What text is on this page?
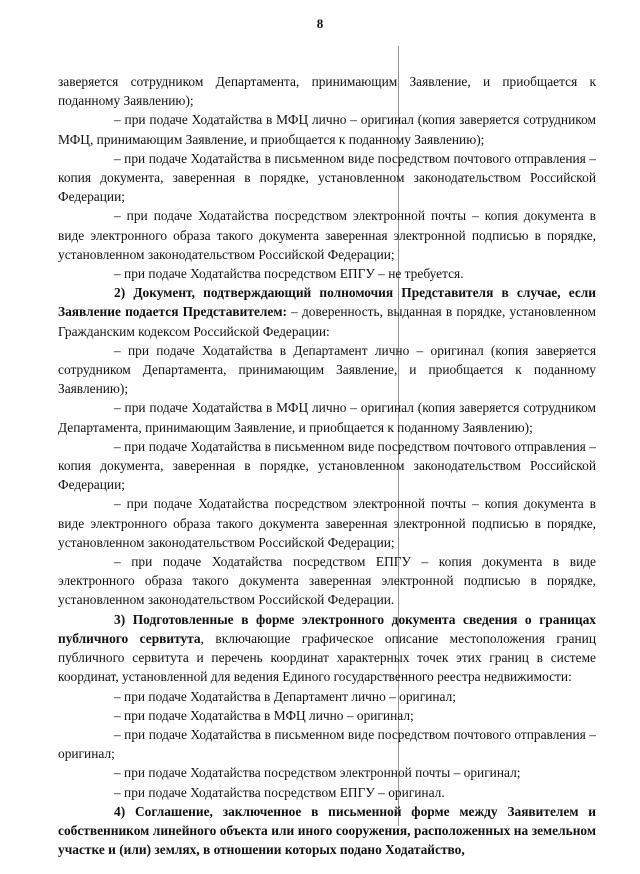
8

заверяется сотрудником Департамента, принимающим Заявление, и приобщается к поданному Заявлению);

– при подаче Ходатайства в МФЦ лично – оригинал (копия заверяется сотрудником МФЦ, принимающим Заявление, и приобщается к поданному Заявлению);

– при подаче Ходатайства в письменном виде посредством почтового отправления – копия документа, заверенная в порядке, установленном законодательством Российской Федерации;

– при подаче Ходатайства посредством электронной почты – копия документа в виде электронного образа такого документа заверенная электронной подписью в порядке, установленном законодательством Российской Федерации;

– при подаче Ходатайства посредством ЕПГУ – не требуется.

2) Документ, подтверждающий полномочия Представителя в случае, если Заявление подается Представителем: – доверенность, выданная в порядке, установленном Гражданским кодексом Российской Федерации:

– при подаче Ходатайства в Департамент лично – оригинал (копия заверяется сотрудником Департамента, принимающим Заявление, и приобщается к поданному Заявлению);

– при подаче Ходатайства в МФЦ лично – оригинал (копия заверяется сотрудником Департамента, принимающим Заявление, и приобщается к поданному Заявлению);

– при подаче Ходатайства в письменном виде посредством почтового отправления – копия документа, заверенная в порядке, установленном законодательством Российской Федерации;

– при подаче Ходатайства посредством электронной почты – копия документа в виде электронного образа такого документа заверенная электронной подписью в порядке, установленном законодательством Российской Федерации;

– при подаче Ходатайства посредством ЕПГУ – копия документа в виде электронного образа такого документа заверенная электронной подписью в порядке, установленном законодательством Российской Федерации.

3) Подготовленные в форме электронного документа сведения о границах публичного сервитута, включающие графическое описание местоположения границ публичного сервитута и перечень координат характерных точек этих границ в системе координат, установленной для ведения Единого государственного реестра недвижимости:

– при подаче Ходатайства в Департамент лично – оригинал;

– при подаче Ходатайства в МФЦ лично – оригинал;

– при подаче Ходатайства в письменном виде посредством почтового отправления – оригинал;

– при подаче Ходатайства посредством электронной почты – оригинал;

– при подаче Ходатайства посредством ЕПГУ – оригинал.

4) Соглашение, заключенное в письменной форме между Заявителем и собственником линейного объекта или иного сооружения, расположенных на земельном участке и (или) землях, в отношении которых подано Ходатайство,
